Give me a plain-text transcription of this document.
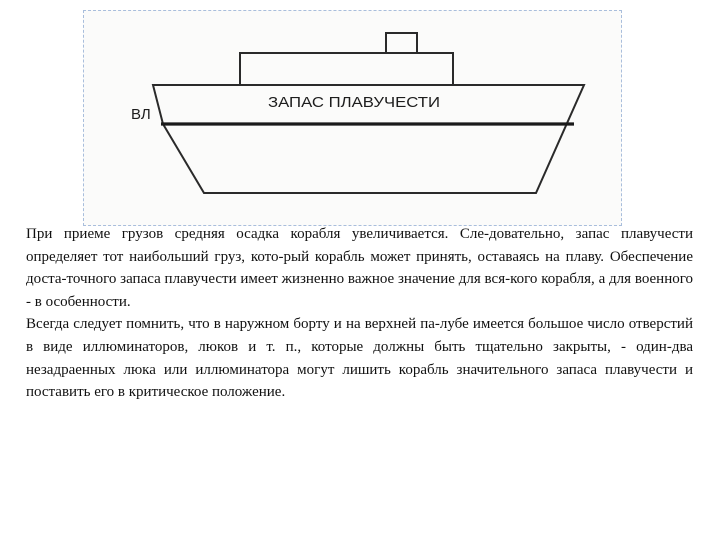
ВЛ
ЗАПАС ПЛАВУЧЕСТИ

При приеме грузов средняя осадка корабля увеличивается. Сле-довательно, запас плавучести определяет тот наибольший груз, кото-рый корабль может принять, оставаясь на плаву. Обеспечение доста-точного запаса плавучести имеет жизненно важное значение для вся-кого корабля, а для военного - в особенности.

Всегда следует помнить, что в наружном борту и на верхней па-лубе имеется большое число отверстий в виде иллюминаторов, люков и т. п., которые должны быть тщательно закрыты, - один-два незадраенных люка или иллюминатора могут лишить корабль значительного запаса плавучести и поставить его в критическое положение.
